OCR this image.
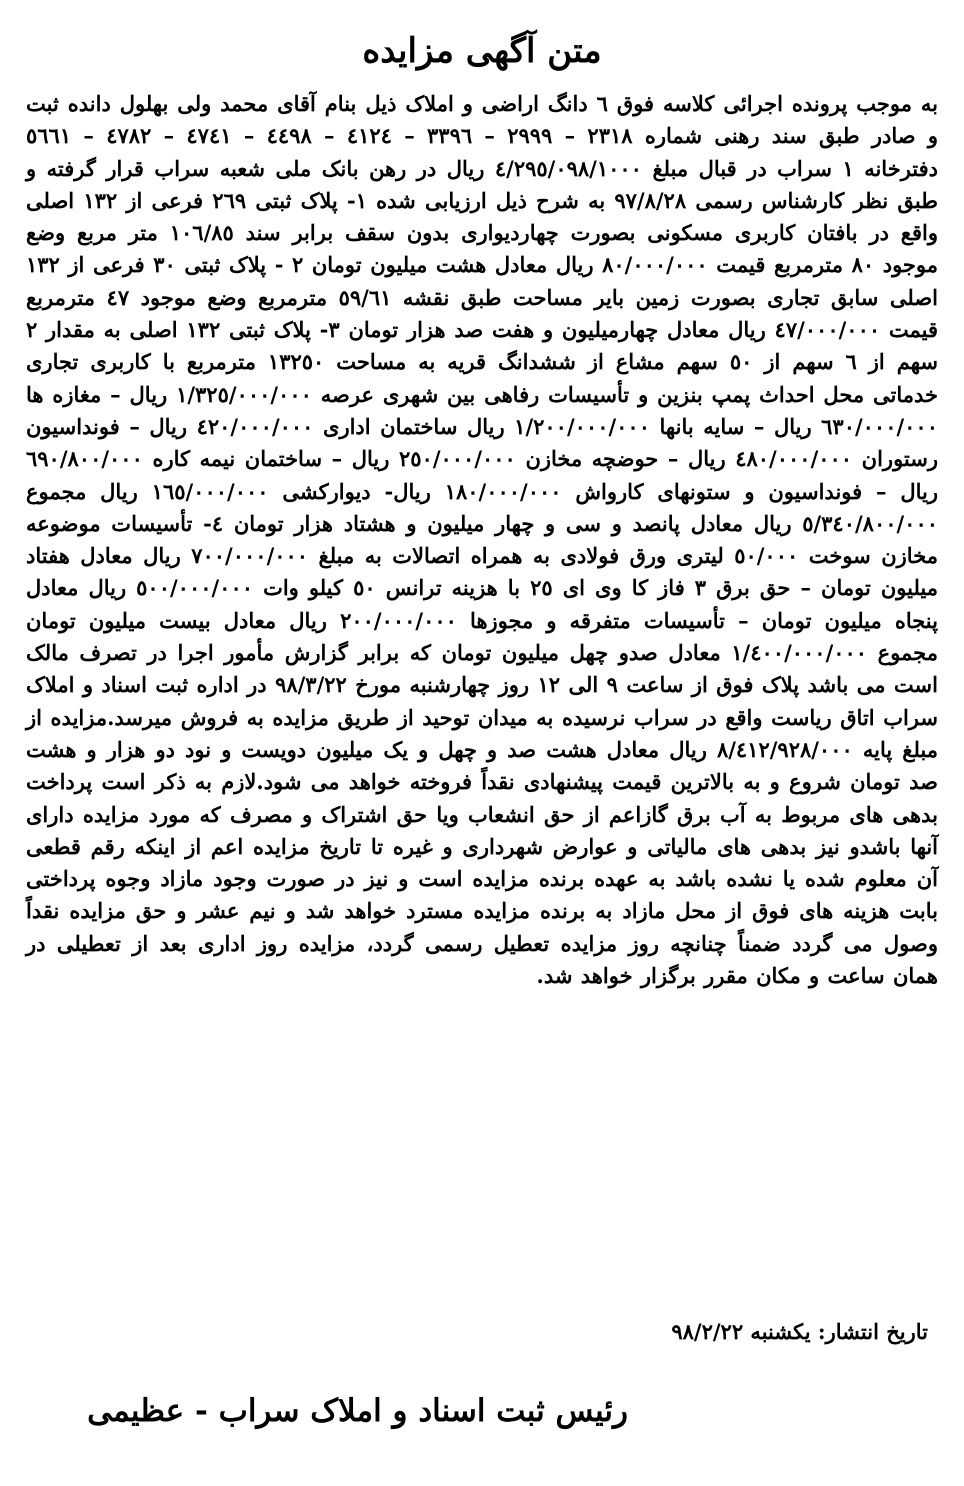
متن آگهی مزایده
به موجب پرونده اجرائی کلاسه فوق ٦ دانگ اراضی و املاک ذیل بنام آقای محمد ولی بهلول دانده ثبت و صادر طبق سند رهنی شماره ٢٣١٨ – ٢٩٩٩ – ٣٣٩٦ – ٤١٢٤ – ٤٤٩٨ – ٤٧٤١ – ٤٧٨٢ – ٥٦٦١ دفترخانه ١ سراب در قبال مبلغ ٤/٢٩٥/٠٩٨/١٠٠٠ ریال در رهن بانک ملی شعبه سراب قرار گرفته و طبق نظر کارشناس رسمی ٩٧/٨/٢٨ به شرح ذیل ارزیابی شده ١- پلاک ثبتی ٢٦٩ فرعی از ١٣٢ اصلی واقع در بافتان کاربری مسکونی بصورت چهاردیواری بدون سقف برابر سند ١٠٦/٨٥ متر مربع وضع موجود ٨٠ مترمربع قیمت ٨٠/٠٠٠/٠٠٠ ریال معادل هشت میلیون تومان ٢ - پلاک ثبتی ٣٠ فرعی از ١٣٢ اصلی سابق تجاری بصورت زمین بایر مساحت طبق نقشه ٥٩/٦١ مترمربع وضع موجود ٤٧ مترمربع قیمت ٤٧/٠٠٠/٠٠٠ ریال معادل چهارمیلیون و هفت صد هزار تومان ٣- پلاک ثبتی ١٣٢ اصلی به مقدار ٢ سهم از ٦ سهم از ٥٠ سهم مشاع از ششدانگ قریه به مساحت ١٣٢٥٠ مترمربع با کاربری تجاری خدماتی محل احداث پمپ بنزین و تأسیسات رفاهی بین شهری عرصه ١/٣٢٥/٠٠٠/٠٠٠ ریال – مغازه ها ٦٣٠/٠٠٠/٠٠٠ ریال – سایه بانها ١/٢٠٠/٠٠٠/٠٠٠ ریال ساختمان اداری ٤٢٠/٠٠٠/٠٠٠ ریال – فونداسیون رستوران ٤٨٠/٠٠٠/٠٠٠ ریال – حوضچه مخازن ٢٥٠/٠٠٠/٠٠٠ ریال – ساختمان نیمه کاره ٦٩٠/٨٠٠/٠٠٠ ریال – فونداسیون و ستونهای کارواش ١٨٠/٠٠٠/٠٠٠ ریال- دیوارکشی ١٦٥/٠٠٠/٠٠٠ ریال مجموع ٥/٣٤٠/٨٠٠/٠٠٠ ریال معادل پانصد و سی و چهار میلیون و هشتاد هزار تومان ٤- تأسیسات موضوعه مخازن سوخت ٥٠/٠٠٠ لیتری ورق فولادی به همراه اتصالات به مبلغ ٧٠٠/٠٠٠/٠٠٠ ریال معادل هفتاد میلیون تومان – حق برق ٣ فاز کا وی ای ٢٥ با هزینه ترانس ٥٠ کیلو وات ٥٠٠/٠٠٠/٠٠٠ ریال معادل پنجاه میلیون تومان – تأسیسات متفرقه و مجوزها ٢٠٠/٠٠٠/٠٠٠ ریال معادل بیست میلیون تومان مجموع ١/٤٠٠/٠٠٠/٠٠٠ معادل صدو چهل میلیون تومان که برابر گزارش مأمور اجرا در تصرف مالک است می باشد پلاک فوق از ساعت ٩ الی ١٢ روز چهارشنبه مورخ ٩٨/٣/٢٢ در اداره ثبت اسناد و املاک سراب اتاق ریاست واقع در سراب نرسیده به میدان توحید از طریق مزایده به فروش میرسد.مزایده از مبلغ پایه ٨/٤١٢/٩٢٨/٠٠٠ ریال معادل هشت صد و چهل و یک میلیون دویست و نود دو هزار و هشت صد تومان شروع و به بالاترین قیمت پیشنهادی نقداً فروخته خواهد می شود.لازم به ذکر است پرداخت بدهی های مربوط به آب برق گازاعم از حق انشعاب ویا حق اشتراک و مصرف که مورد مزایده دارای آنها باشدو نیز بدهی های مالیاتی و عوارض شهرداری و غیره تا تاریخ مزایده اعم از اینکه رقم قطعی آن معلوم شده یا نشده باشد به عهده برنده مزایده است و نیز در صورت وجود مازاد وجوه پرداختی بابت هزینه های فوق از محل مازاد به برنده مزایده مسترد خواهد شد و نیم عشر و حق مزایده نقداً وصول می گردد ضمناً چنانچه روز مزایده تعطیل رسمی گردد، مزایده روز اداری بعد از تعطیلی در همان ساعت و مکان مقرر برگزار خواهد شد.
تاریخ انتشار: یکشنبه ٩٨/٢/٢٢
رئیس ثبت اسناد و املاک سراب - عظیمی
